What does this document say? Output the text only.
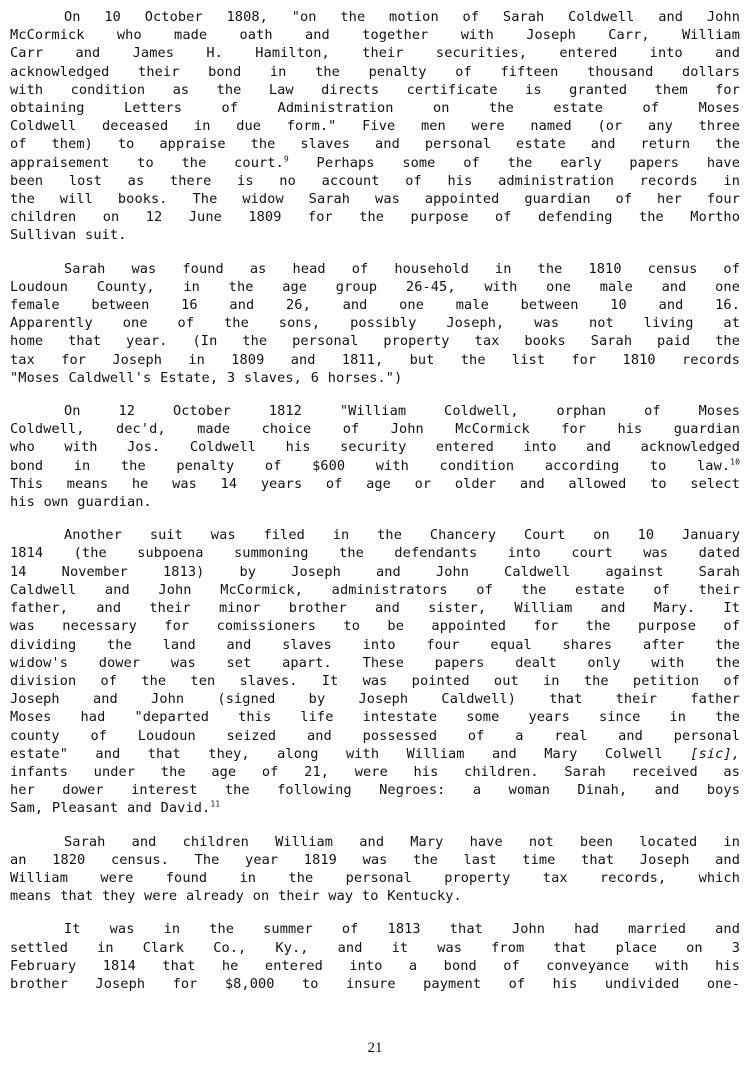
On 10 October 1808, "on the motion of Sarah Coldwell and John
McCormick who made oath and together with Joseph Carr, William
Carr and James H. Hamilton, their securities, entered into and
acknowledged their bond in the penalty of fifteen thousand dollars
with condition as the Law directs certificate is granted them for
obtaining Letters of Administration on the estate of Moses
Coldwell deceased in due form." Five men were named (or any three
of them) to appraise the slaves and personal estate and return the
appraisement to the court.$^9$ Perhaps some of the early papers have
been lost as there is no account of his administration records in
the will books. The widow Sarah was appointed guardian of her four
children on 12 June 1809 for the purpose of defending the Mortho
Sullivan suit.

Sarah was found as head of household in the 1810 census of
Loudoun County, in the age group 26-45, with one male and one
female between 16 and 26, and one male between 10 and 16.
Apparently one of the sons, possibly Joseph, was not living at
home that year. (In the personal property tax books Sarah paid the
tax for Joseph in 1809 and 1811, but the list for 1810 records
"Moses Caldwell's Estate, 3 slaves, 6 horses.")

On 12 October 1812 "William Coldwell, orphan of Moses
Coldwell, dec'd, made choice of John McCormick for his guardian
who with Jos. Coldwell his security entered into and acknowledged
bond in the penalty of $600 with condition according to law.$^{10}$
This means he was 14 years of age or older and allowed to select
his own guardian.

Another suit was filed in the Chancery Court on 10 January
1814 (the subpoena summoning the defendants into court was dated
14 November 1813) by Joseph and John Caldwell against Sarah
Caldwell and John McCormick, administrators of the estate of their
father, and their minor brother and sister, William and Mary. It
was necessary for comissioners to be appointed for the purpose of
dividing the land and slaves into four equal shares after the
widow's dower was set apart. These papers dealt only with the
division of the ten slaves. It was pointed out in the petition of
Joseph and John (signed by Joseph Caldwell) that their father
Moses had "departed this life intestate some years since in the
county of Loudoun seized and possessed of a real and personal
estate" and that they, along with William and Mary Colwell [sic],
infants under the age of 21, were his children. Sarah received as
her dower interest the following Negroes: a woman Dinah, and boys
Sam, Pleasant and David.$^{11}$

Sarah and children William and Mary have not been located in
an 1820 census. The year 1819 was the last time that Joseph and
William were found in the personal property tax records, which
means that they were already on their way to Kentucky.

It was in the summer of 1813 that John had married and
settled in Clark Co., Ky., and it was from that place on 3
February 1814 that he entered into a bond of conveyance with his
brother Joseph for $8,000 to insure payment of his undivided one-

21
